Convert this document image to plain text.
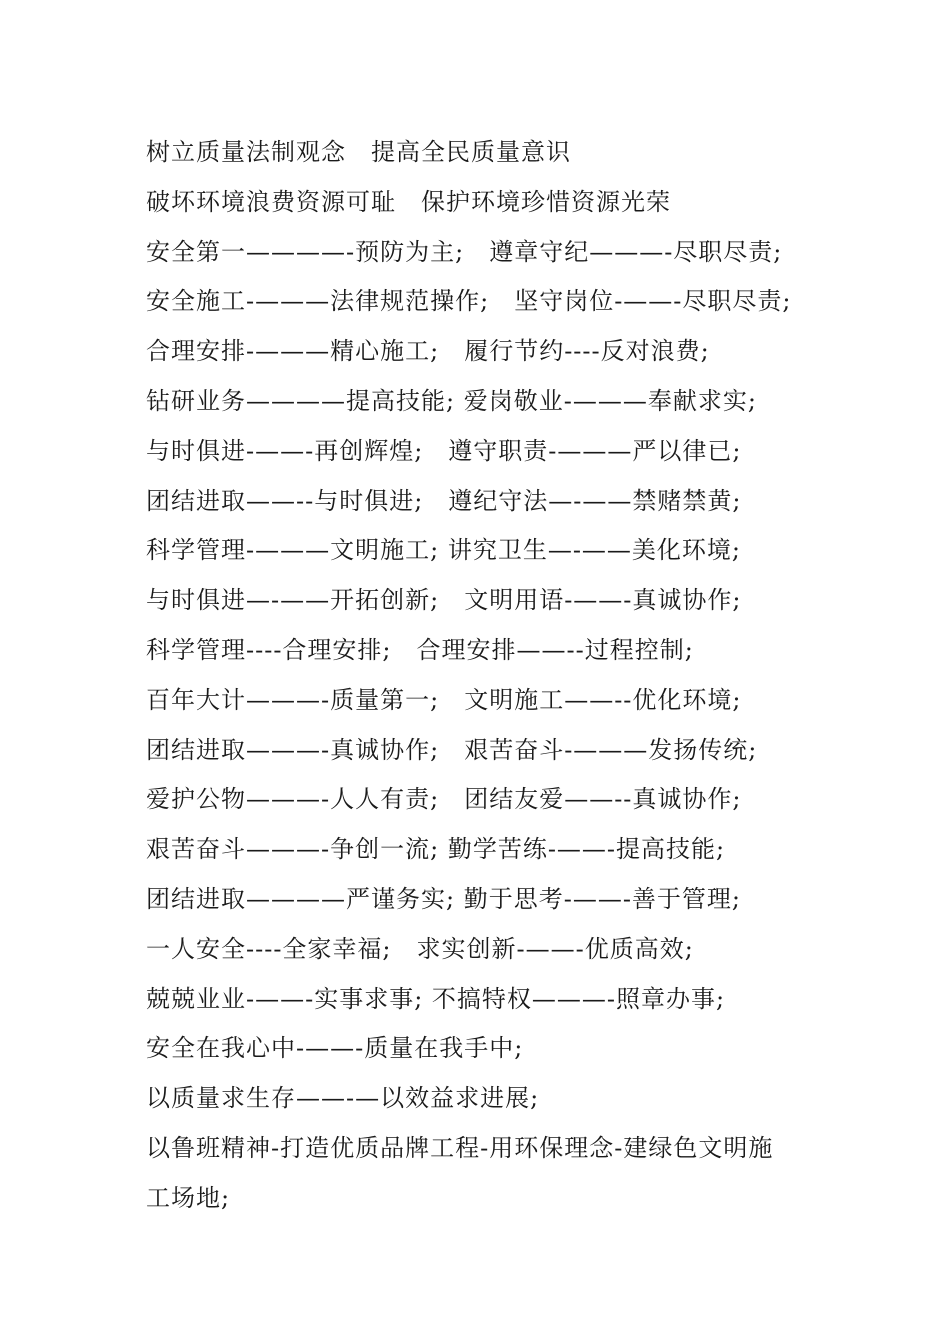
树立质量法制观念　提高全民质量意识
破坏环境浪费资源可耻　保护环境珍惜资源光荣
安全第一————-预防为主;　遵章守纪———-尽职尽责;
安全施工-———法律规范操作;　坚守岗位-——-尽职尽责;
合理安排-———精心施工;　履行节约----反对浪费;
钻研业务————提高技能; 爱岗敬业-———奉献求实;
与时俱进-——-再创辉煌;　遵守职责-———严以律已;
团结进取——--与时俱进;　遵纪守法—-——禁赌禁黄;
科学管理-———文明施工; 讲究卫生—-——美化环境;
与时俱进—-——开拓创新;　文明用语-——-真诚协作;
科学管理----合理安排;　合理安排——--过程控制;
百年大计———-质量第一;　文明施工——--优化环境;
团结进取———-真诚协作;　艰苦奋斗-———发扬传统;
爱护公物———-人人有责;　团结友爱——--真诚协作;
艰苦奋斗———-争创一流; 勤学苦练-——-提高技能;
团结进取————严谨务实; 勤于思考-——-善于管理;
一人安全----全家幸福;　求实创新-——-优质高效;
兢兢业业-——-实事求事; 不搞特权———-照章办事;
安全在我心中-——-质量在我手中;
以质量求生存——-—以效益求进展;
以鲁班精神-打造优质品牌工程-用环保理念-建绿色文明施
工场地;
